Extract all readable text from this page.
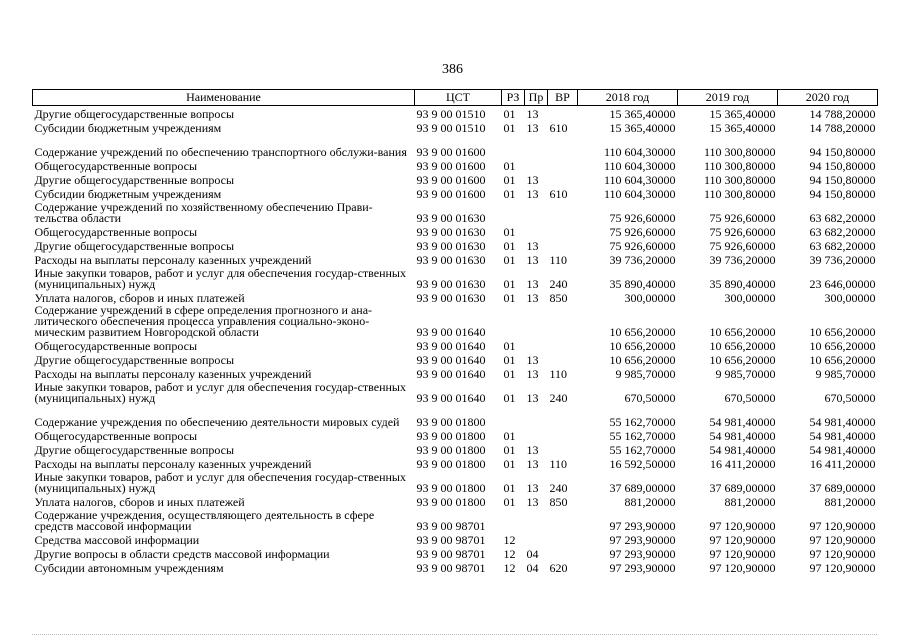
386
Наименование	ЦСТ	РЗ	Пр	ВР	2018 год	2019 год	2020 год
Другие общегосударственные вопросы	93 9 00 01510	01	13		15 365,40000	15 365,40000	14 788,20000
Субсидии бюджетным учреждениям	93 9 00 01510	01	13	610	15 365,40000	15 365,40000	14 788,20000
Содержание учреждений по обеспечению транспортного обслужи-вания	93 9 00 01600				110 604,30000	110 300,80000	94 150,80000
Общегосударственные вопросы	93 9 00 01600	01			110 604,30000	110 300,80000	94 150,80000
Другие общегосударственные вопросы	93 9 00 01600	01	13		110 604,30000	110 300,80000	94 150,80000
Субсидии бюджетным учреждениям	93 9 00 01600	01	13	610	110 604,30000	110 300,80000	94 150,80000
Содержание учреждений по хозяйственному обеспечению Прави-тельства области	93 9 00 01630				75 926,60000	75 926,60000	63 682,20000
Общегосударственные вопросы	93 9 00 01630	01			75 926,60000	75 926,60000	63 682,20000
Другие общегосударственные вопросы	93 9 00 01630	01	13		75 926,60000	75 926,60000	63 682,20000
Расходы на выплаты персоналу казенных учреждений	93 9 00 01630	01	13	110	39 736,20000	39 736,20000	39 736,20000
Иные закупки товаров, работ и услуг для обеспечения государ-ственных (муниципальных) нужд	93 9 00 01630	01	13	240	35 890,40000	35 890,40000	23 646,00000
Уплата налогов, сборов и иных платежей	93 9 00 01630	01	13	850	300,00000	300,00000	300,00000
Содержание учреждений в сфере определения прогнозного и ана-литического обеспечения процесса управления социально-эконо-мическим развитием Новгородской области	93 9 00 01640				10 656,20000	10 656,20000	10 656,20000
Общегосударственные вопросы	93 9 00 01640	01			10 656,20000	10 656,20000	10 656,20000
Другие общегосударственные вопросы	93 9 00 01640	01	13		10 656,20000	10 656,20000	10 656,20000
Расходы на выплаты персоналу казенных учреждений	93 9 00 01640	01	13	110	9 985,70000	9 985,70000	9 985,70000
Иные закупки товаров, работ и услуг для обеспечения государ-ственных (муниципальных) нужд	93 9 00 01640	01	13	240	670,50000	670,50000	670,50000
Содержание учреждения по обеспечению деятельности мировых судей	93 9 00 01800				55 162,70000	54 981,40000	54 981,40000
Общегосударственные вопросы	93 9 00 01800	01			55 162,70000	54 981,40000	54 981,40000
Другие общегосударственные вопросы	93 9 00 01800	01	13		55 162,70000	54 981,40000	54 981,40000
Расходы на выплаты персоналу казенных учреждений	93 9 00 01800	01	13	110	16 592,50000	16 411,20000	16 411,20000
Иные закупки товаров, работ и услуг для обеспечения государ-ственных (муниципальных) нужд	93 9 00 01800	01	13	240	37 689,00000	37 689,00000	37 689,00000
Уплата налогов, сборов и иных платежей	93 9 00 01800	01	13	850	881,20000	881,20000	881,20000
Содержание учреждения, осуществляющего деятельность в сфере средств массовой информации	93 9 00 98701				97 293,90000	97 120,90000	97 120,90000
Средства массовой информации	93 9 00 98701	12			97 293,90000	97 120,90000	97 120,90000
Другие вопросы в области средств массовой информации	93 9 00 98701	12	04		97 293,90000	97 120,90000	97 120,90000
Субсидии автономным учреждениям	93 9 00 98701	12	04	620	97 293,90000	97 120,90000	97 120,90000
